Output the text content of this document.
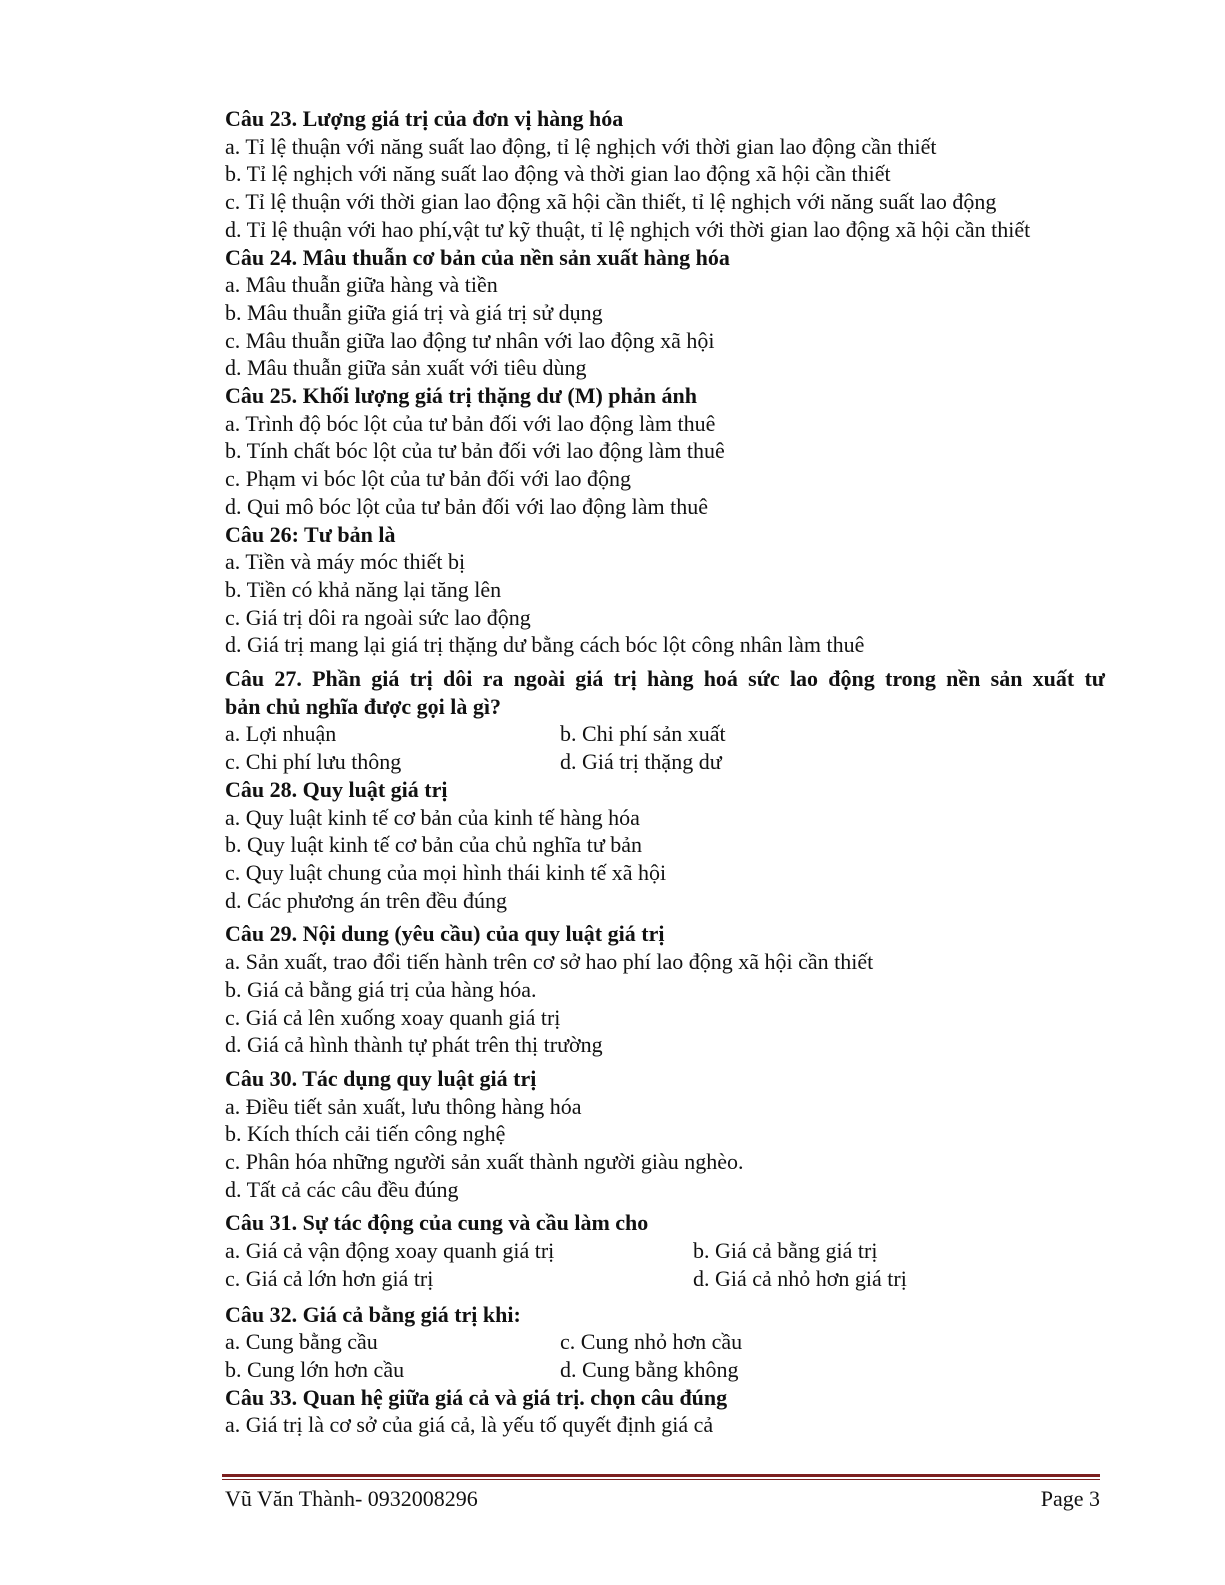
Câu 23. Lượng giá trị của đơn vị hàng hóa
a. Tỉ lệ thuận với năng suất lao động, tỉ lệ nghịch với thời gian lao động cần thiết
b. Tỉ lệ nghịch với năng suất lao động và thời gian lao động xã hội cần thiết
c. Tỉ lệ thuận với thời gian lao động xã hội cần thiết, tỉ lệ nghịch với năng suất lao động
d. Tỉ lệ thuận với hao phí,vật tư kỹ thuật, tỉ lệ nghịch với thời gian lao động xã hội cần thiết
Câu 24. Mâu thuẫn cơ bản của nền sản xuất hàng hóa
a. Mâu thuẫn giữa hàng và tiền
b. Mâu thuẫn giữa giá trị và giá trị sử dụng
c. Mâu thuẫn giữa lao động tư nhân với lao động xã hội
d. Mâu thuẫn giữa sản xuất với tiêu dùng
Câu 25. Khối lượng giá trị thặng dư (M) phản ánh
a. Trình độ bóc lột của tư bản đối với lao động làm thuê
b. Tính chất bóc lột của tư bản đối với lao động làm thuê
c. Phạm vi bóc lột của tư bản đối với lao động
d. Qui mô bóc lột của tư bản đối với lao động làm thuê
Câu 26: Tư bản là
a. Tiền và máy móc thiết bị
b. Tiền có khả năng lại tăng lên
c. Giá trị dôi ra ngoài sức lao động
d. Giá trị mang lại giá trị thặng dư bằng cách bóc lột công nhân làm thuê
Câu 27. Phần giá trị dôi ra ngoài giá trị hàng hoá sức lao động trong nền sản xuất tư
bản chủ nghĩa được gọi là gì?
a. Lợi nhuận	b. Chi phí sản xuất
c. Chi phí lưu thông	d. Giá trị thặng dư
Câu 28. Quy luật giá trị
a. Quy luật kinh tế cơ bản của kinh tế hàng hóa
b. Quy luật kinh tế cơ bản của chủ nghĩa tư bản
c. Quy luật chung của mọi hình thái kinh tế xã hội
d. Các phương án trên đều đúng
Câu 29. Nội dung (yêu cầu) của quy luật giá trị
a. Sản xuất, trao đổi tiến hành trên cơ sở hao phí lao động xã hội cần thiết
b. Giá cả bằng giá trị của hàng hóa.
c. Giá cả lên xuống xoay quanh giá trị
d. Giá cả hình thành tự phát trên thị trường
Câu 30. Tác dụng quy luật giá trị
a. Điều tiết sản xuất, lưu thông hàng hóa
b. Kích thích cải tiến công nghệ
c. Phân hóa những người sản xuất thành người giàu nghèo.
d. Tất cả các câu đều đúng
Câu 31. Sự tác động của cung và cầu làm cho
a. Giá cả vận động xoay quanh giá trị	b. Giá cả bằng giá trị
c. Giá cả lớn hơn giá trị	d. Giá cả nhỏ hơn giá trị
Câu 32. Giá cả bằng giá trị khi:
a. Cung bằng cầu	c. Cung nhỏ hơn cầu
b. Cung lớn hơn cầu	d. Cung bằng không
Câu 33. Quan hệ giữa giá cả và giá trị. chọn câu đúng
a. Giá trị là cơ sở của giá cả, là yếu tố quyết định giá cả
Vũ Văn Thành- 0932008296	Page 3
